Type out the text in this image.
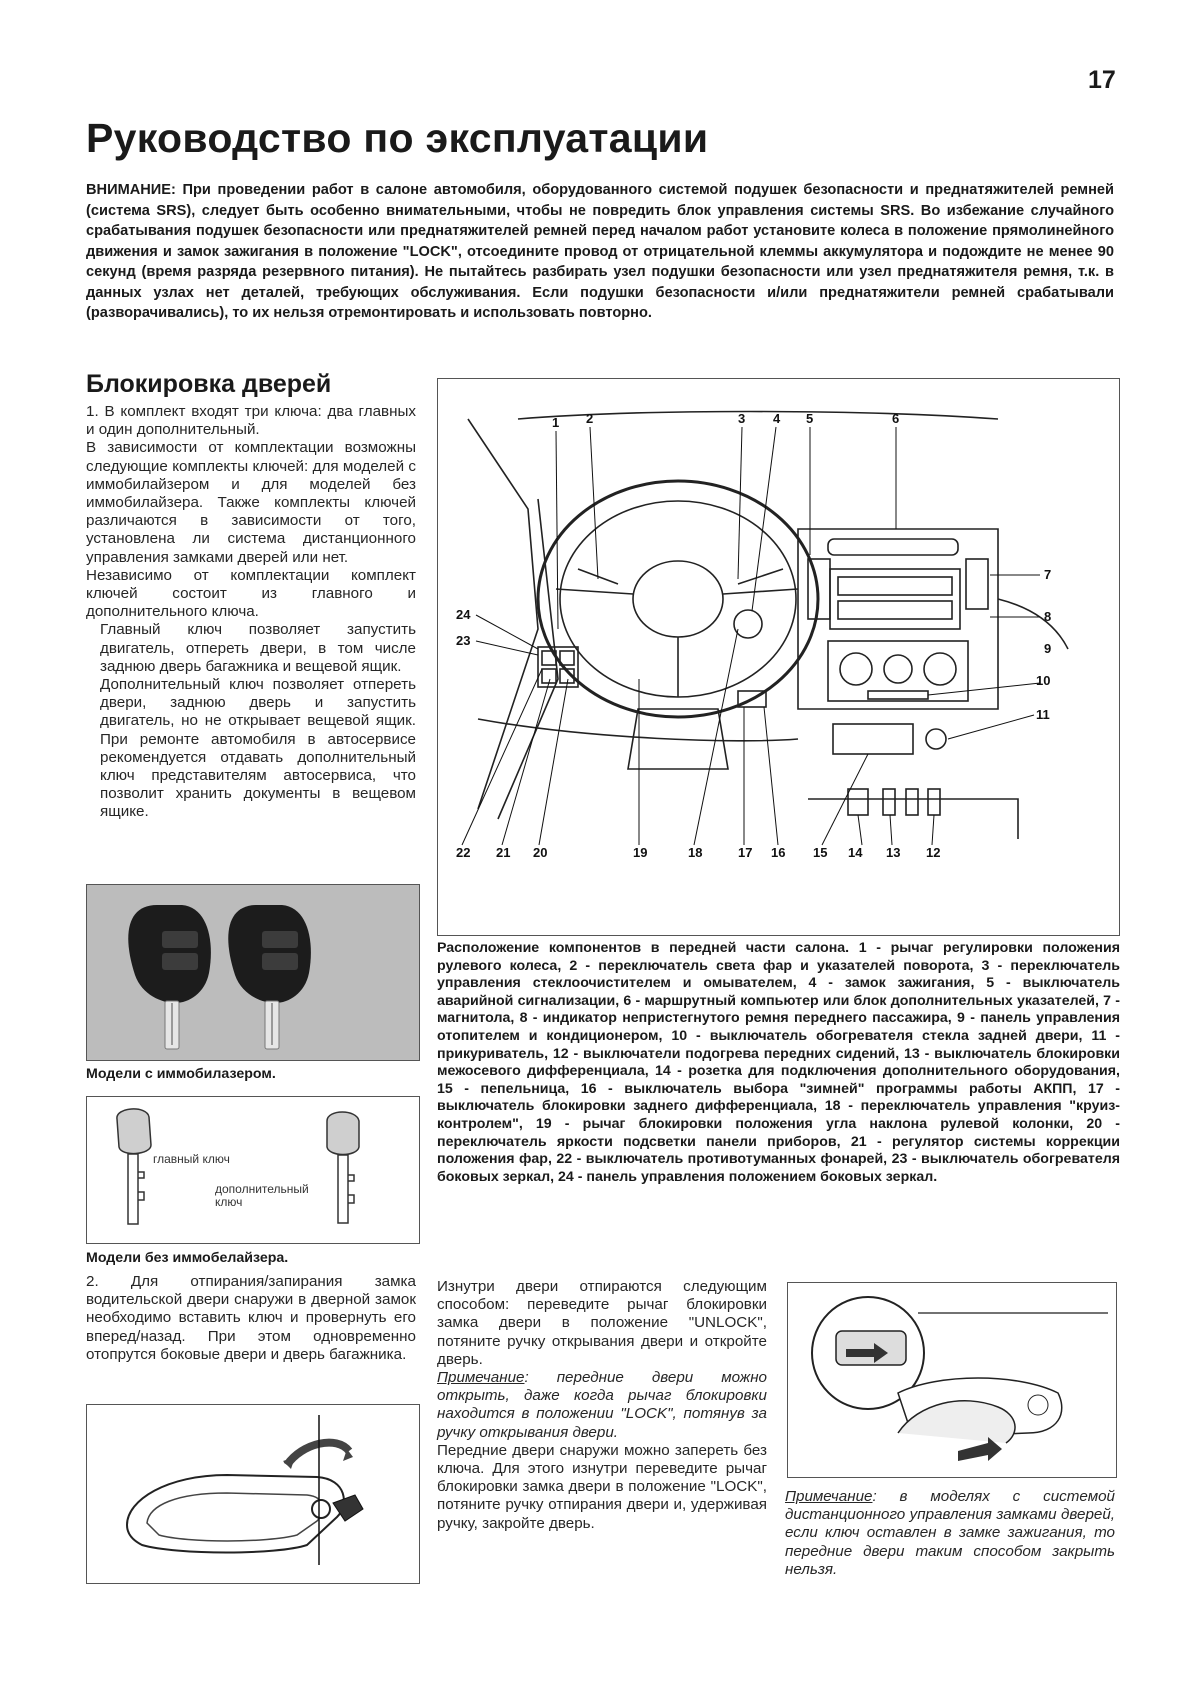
17
Руководство по эксплуатации
ВНИМАНИЕ: При проведении работ в салоне автомобиля, оборудованного системой подушек безопасности и преднатяжителей ремней (система SRS), следует быть особенно внимательными, чтобы не повредить блок управления системы SRS. Во избежание случайного срабатывания подушек безопасности или преднатяжителей ремней перед началом работ установите колеса в положение прямолинейного движения и замок зажигания в положение "LOCK", отсоедините провод от отрицательной клеммы аккумулятора и подождите не менее 90 секунд (время разряда резервного питания). Не пытайтесь разбирать узел подушки безопасности или узел преднатяжителя ремня, т.к. в данных узлах нет деталей, требующих обслуживания. Если подушки безопасности и/или преднатяжители ремней срабатывали (разворачивались), то их нельзя отремонтировать и использовать повторно.
Блокировка дверей

1. В комплект входят три ключа: два главных и один дополнительный.

В зависимости от комплектации возможны следующие комплекты ключей: для моделей с иммобилайзером и для моделей без иммобилайзера. Также комплекты ключей различаются в зависимости от того, установлена ли система дистанционного управления замками дверей или нет.

Независимо от комплектации комплект ключей состоит из главного и дополнительного ключа.

Главный ключ позволяет запустить двигатель, отпереть двери, в том числе заднюю дверь багажника и вещевой ящик.

Дополнительный ключ позволяет отпереть двери, заднюю дверь и запустить двигатель, но не открывает вещевой ящик. При ремонте автомобиля в автосервисе рекомендуется отдавать дополнительный ключ представителям автосервиса, что позволит хранить документы в вещевом ящике.

Модели с иммобилазером.
главный ключ
дополнительный ключ
Модели без иммобелайзера.
2. Для отпирания/запирания замка водительской двери снаружи в дверной замок необходимо вставить ключ и провернуть его вперед/назад. При этом одновременно отопрутся боковые двери и дверь багажника.
1 2	3 4 5	6
7
8
9
10
11
12
13
14
15
16
17
18
19
20
21
22
23
24
Расположение компонентов в передней части салона. 1 - рычаг регулировки положения рулевого колеса, 2 - переключатель света фар и указателей поворота, 3 - переключатель управления стеклоочистителем и омывателем, 4 - замок зажигания, 5 - выключатель аварийной сигнализации, 6 - маршрутный компьютер или блок дополнительных указателей, 7 - магнитола, 8 - индикатор непристегнутого ремня переднего пассажира, 9 - панель управления отопителем и кондиционером, 10 - выключатель обогревателя стекла задней двери, 11 - прикуриватель, 12 - выключатели подогрева передних сидений, 13 - выключатель блокировки межосевого дифференциала, 14 - розетка для подключения дополнительного оборудования, 15 - пепельница, 16 - выключатель выбора "зимней" программы работы АКПП, 17 - выключатель блокировки заднего дифференциала, 18 - переключатель управления "круиз-контролем", 19 - рычаг блокировки положения угла наклона рулевой колонки, 20 - переключатель яркости подсветки панели приборов, 21 - регулятор системы коррекции положения фар, 22 - выключатель противотуманных фонарей, 23 - выключатель обогревателя боковых зеркал, 24 - панель управления положением боковых зеркал.

Изнутри двери отпираются следующим способом: переведите рычаг блокировки замка двери в положение "UNLOCK", потяните ручку открывания двери и откройте дверь.

Примечание: передние двери можно открыть, даже когда рычаг блокировки находится в положении "LOCK", потянув за ручку открывания двери.

Передние двери снаружи можно запереть без ключа. Для этого изнутри переведите рычаг блокировки замка двери в положение "LOCK", потяните ручку отпирания двери и, удерживая ручку, закройте дверь.

Примечание: в моделях с системой дистанционного управления замками дверей, если ключ оставлен в замке зажигания, то передние двери таким способом закрыть нельзя.
